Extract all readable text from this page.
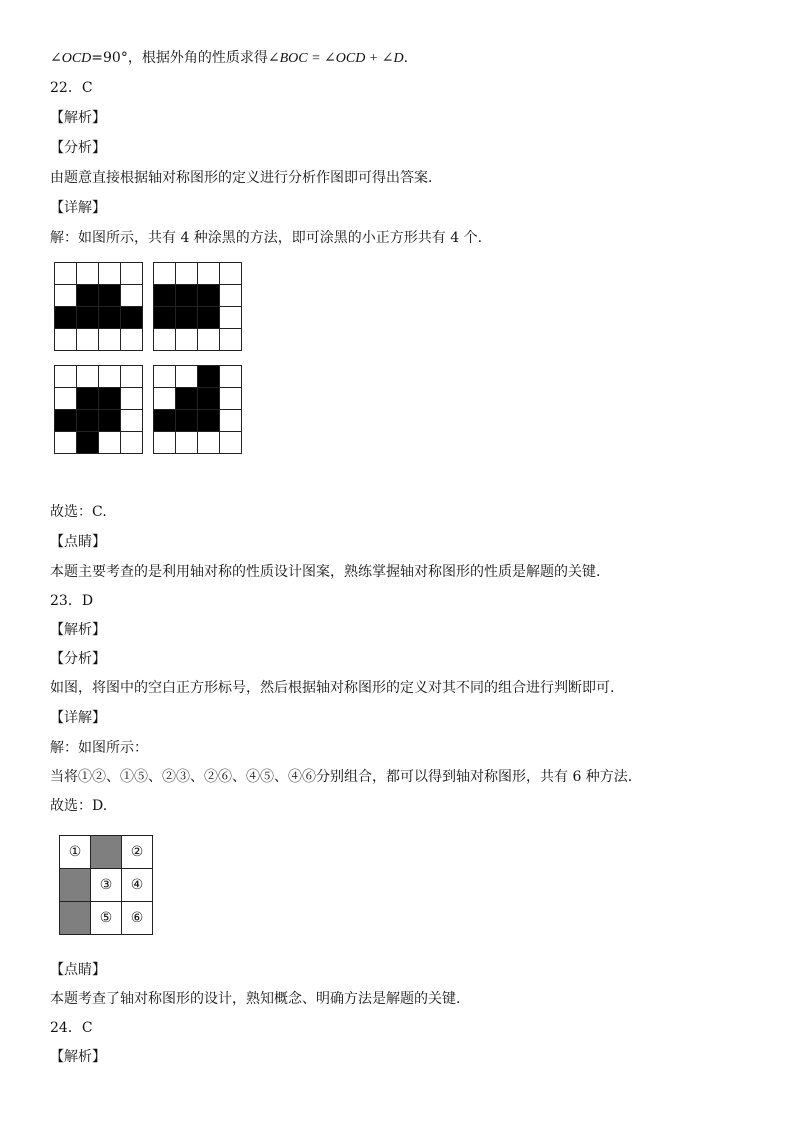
∠OCD=90°，根据外角的性质求得∠BOC = ∠OCD + ∠D.
22．C
【解析】
【分析】
由题意直接根据轴对称图形的定义进行分析作图即可得出答案.
【详解】
解：如图所示，共有 4 种涂黑的方法，即可涂黑的小正方形共有 4 个.
故选：C.
【点睛】
本题主要考查的是利用轴对称的性质设计图案，熟练掌握轴对称图形的性质是解题的关键.
23．D
【解析】
【分析】
如图，将图中的空白正方形标号，然后根据轴对称图形的定义对其不同的组合进行判断即可.
【详解】
解：如图所示：
当将①②、①⑤、②③、②⑥、④⑤、④⑥分别组合，都可以得到轴对称图形，共有 6 种方法.
故选：D.
①	②
③	④
⑤	⑥
【点睛】
本题考查了轴对称图形的设计，熟知概念、明确方法是解题的关键.
24．C
【解析】
